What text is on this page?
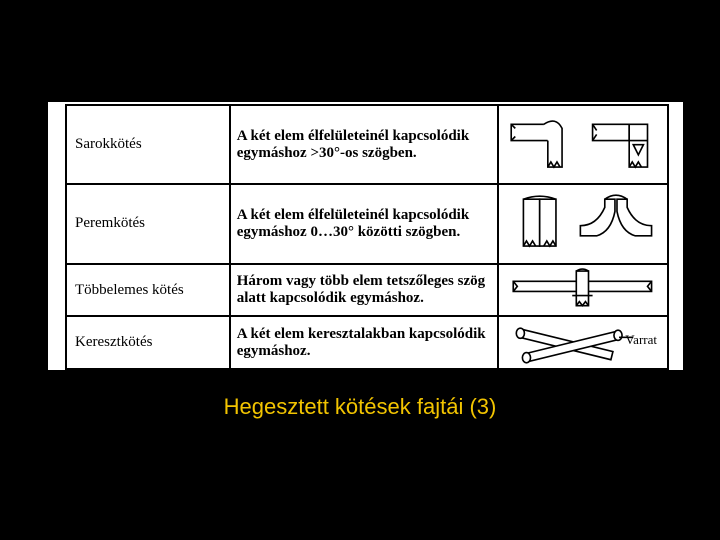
Sarokkötés	A két elem élfelületeinél kapcsolódik egymáshoz >30°-os szögben.	

Peremkötés	A két elem élfelületeinél kapcsolódik egymáshoz 0…30° közötti szögben.	

Többelemes kötés	Három vagy több elem tetszőleges szög alatt kapcsolódik egymáshoz.	

Keresztkötés	A két elem keresztalakban kapcsolódik egymáshoz.	Varrat
Hegesztett kötések fajtái (3)
